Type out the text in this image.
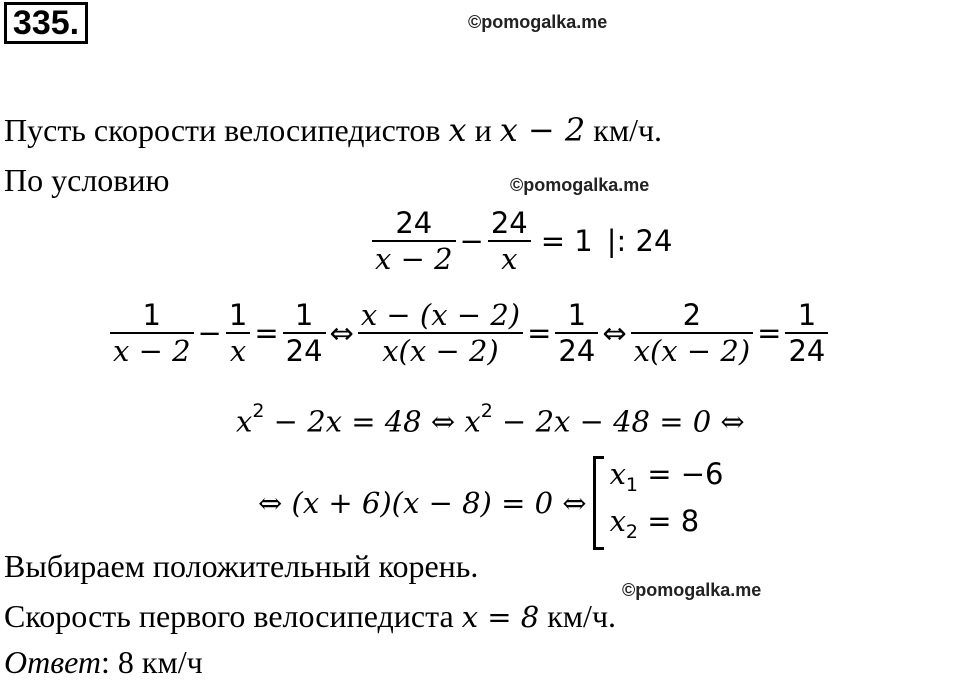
335.	©pomogalka.me
©pomogalka.me
©pomogalka.me
Пусть скорости велосипедистов x и x − 2 км/ч.
По условию
$\frac{24}{x - 2} - \frac{24}{x} = 1$ |: 24
$\frac{1}{x - 2} - \frac{1}{x} = \frac{1}{24}$ ⇔ $\frac{x - (x - 2)}{x(x - 2)} = \frac{1}{24}$ ⇔ $\frac{2}{x(x - 2)} = \frac{1}{24}$
$x^2 - 2x = 48$ ⇔ $x^2 - 2x - 48 = 0$ ⇔
⇔ (x + 6)(x − 8) = 0 ⇔
$x_1 = -6$
$x_2 = 8$
Выбираем положительный корень.
Скорость первого велосипедиста x = 8 км/ч.
Ответ: 8 км/ч
